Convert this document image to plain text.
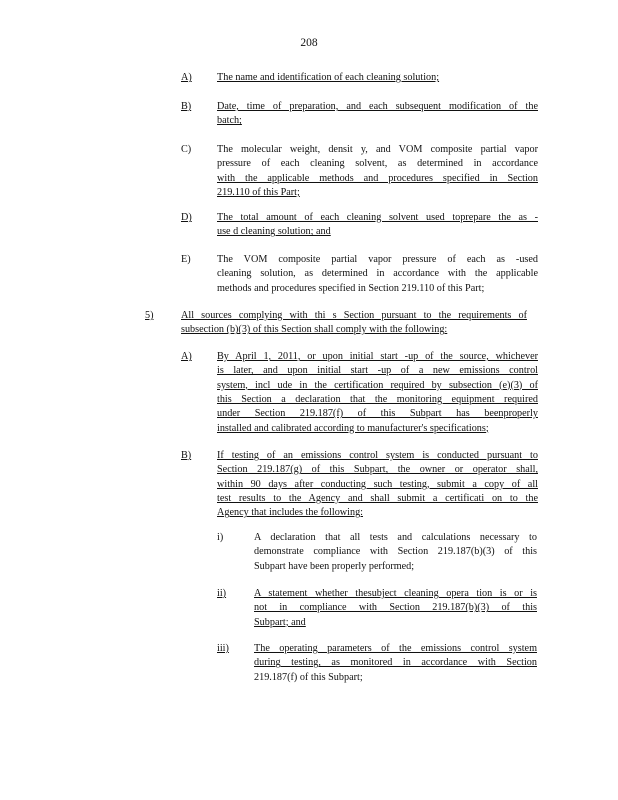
208
A) The name and identification of each cleaning solution;
B)	Date, time of preparation, and each subsequent modification of the
batch;
C)	The molecular weight, densit y, and VOM composite partial vapor
pressure of each cleaning solvent, as determined in accordance
with the applicable methods and procedures specified in Section
219.110 of this Part;
D) The total amount of each cleaning solvent used toprepare the as -
use d cleaning solution; and
E)	The VOM composite partial vapor pressure of each as -used
cleaning solution, as determined in accordance with the applicable
methods and procedures specified in Section 219.110 of this Part;
5)	All sources complying with thi s Section pursuant to the requirements of
subsection (b)(3) of this Section shall comply with the following:
A) By April 1, 2011, or upon initial start -up of the source, whichever
is later, and upon initial start -up of a new emissions control
system, incl ude in the certification required by subsection (e)(3) of
this Section a declaration that the monitoring equipment required
under Section 219.187(f) of this Subpart has beenproperly
installed and calibrated according to manufacturer's specifications;
B)	If testing of an emissions control system is conducted pursuant to
Section 219.187(g) of this Subpart, the owner or operator shall,
within 90 days after conducting such testing, submit a copy of all
test results to the Agency and shall submit a certificati on to the
Agency that includes the following:
i)	A declaration that all tests and calculations necessary to
demonstrate compliance with Section 219.187(b)(3) of this
Subpart have been properly performed;
ii)	A statement whether thesubject cleaning opera tion is or is
not in compliance with Section 219.187(b)(3) of this
Subpart; and
iii) The operating parameters of the emissions control system
during testing, as monitored in accordance with Section
219.187(f) of this Subpart;
